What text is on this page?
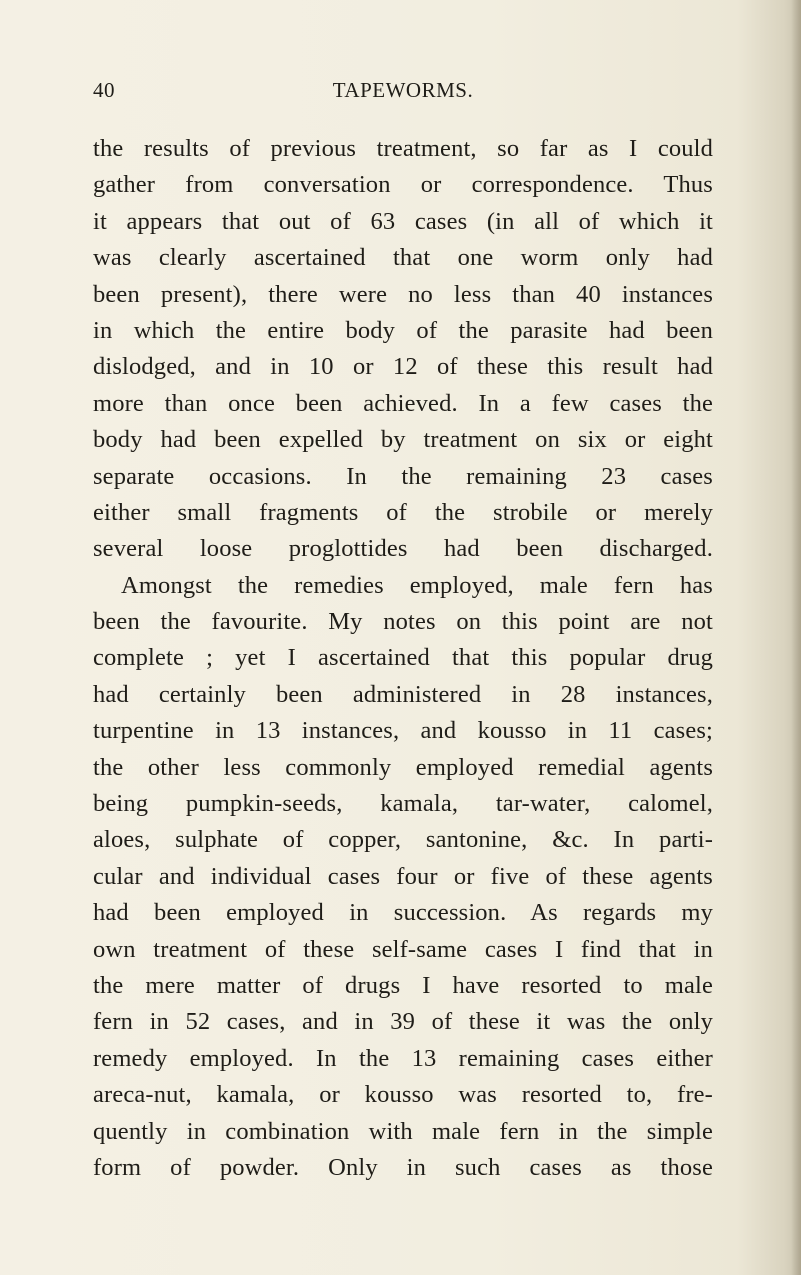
40	TAPEWORMS.
the results of previous treatment, so far as I could
gather from conversation or correspondence. Thus
it appears that out of 63 cases (in all of which it
was clearly ascertained that one worm only had
been present), there were no less than 40 instances
in which the entire body of the parasite had been
dislodged, and in 10 or 12 of these this result had
more than once been achieved. In a few cases the
body had been expelled by treatment on six or eight
separate occasions. In the remaining 23 cases
either small fragments of the strobile or merely
several loose proglottides had been discharged.
Amongst the remedies employed, male fern has
been the favourite. My notes on this point are not
complete ; yet I ascertained that this popular drug
had certainly been administered in 28 instances,
turpentine in 13 instances, and kousso in 11 cases;
the other less commonly employed remedial agents
being pumpkin-seeds, kamala, tar-water, calomel,
aloes, sulphate of copper, santonine, &c. In parti-
cular and individual cases four or five of these agents
had been employed in succession. As regards my
own treatment of these self-same cases I find that in
the mere matter of drugs I have resorted to male
fern in 52 cases, and in 39 of these it was the only
remedy employed. In the 13 remaining cases either
areca-nut, kamala, or kousso was resorted to, fre-
quently in combination with male fern in the simple
form of powder. Only in such cases as those
